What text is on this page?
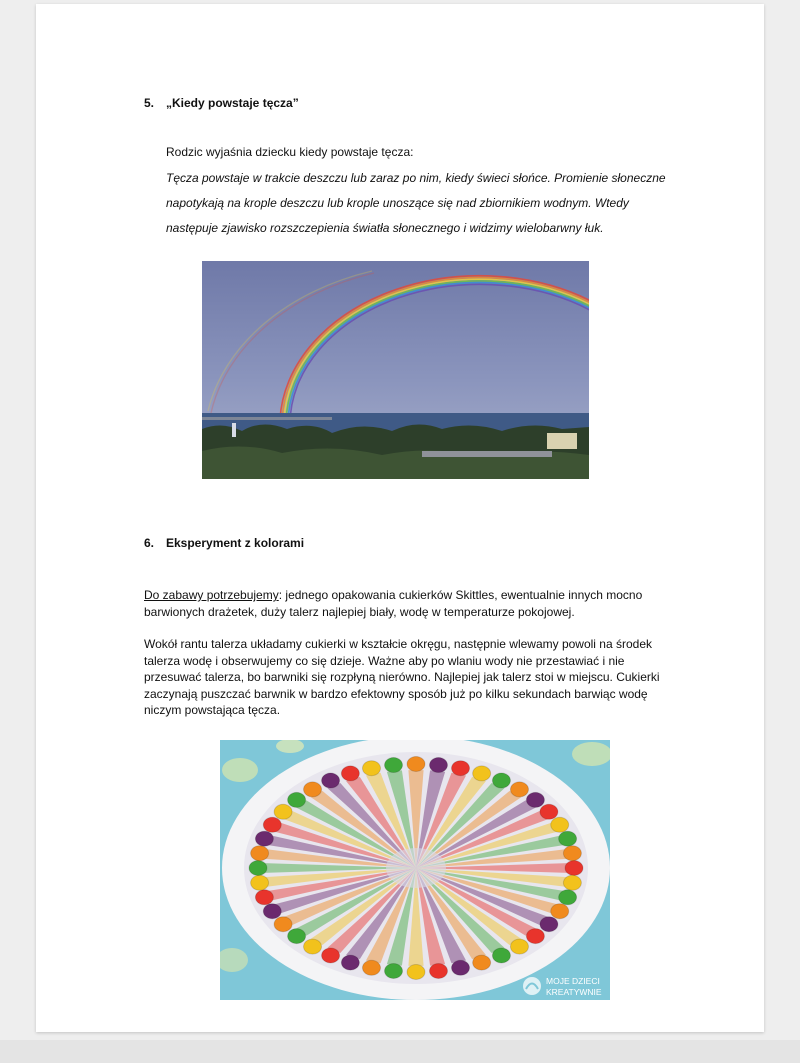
5. „Kiedy powstaje tęcza”

Rodzic wyjaśnia dziecku kiedy powstaje tęcza:

Tęcza powstaje w trakcie deszczu lub zaraz po nim, kiedy świeci słońce. Promienie słoneczne
napotykają na krople deszczu lub krople unoszące się nad zbiornikiem wodnym. Wtedy
następuje zjawisko rozszczepienia światła słonecznego i widzimy wielobarwny łuk.
6. Eksperyment z kolorami

Do zabawy potrzebujemy: jednego opakowania cukierków Skittles, ewentualnie innych mocno
barwionych drażetek, duży talerz najlepiej biały, wodę w temperaturze pokojowej.

Wokół rantu talerza układamy cukierki w kształcie okręgu, następnie wlewamy powoli na środek
talerza wodę i obserwujemy co się dzieje. Ważne aby po wlaniu wody nie przestawiać i nie
przesuwać talerza, bo barwniki się rozpłyną nierówno. Najlepiej jak talerz stoi w miejscu. Cukierki
zaczynają puszczać barwnik w bardzo efektowny sposób już po kilku sekundach barwiąc wodę
niczym powstająca tęcza.

MOJE DZIECI
KREATYWNIE
